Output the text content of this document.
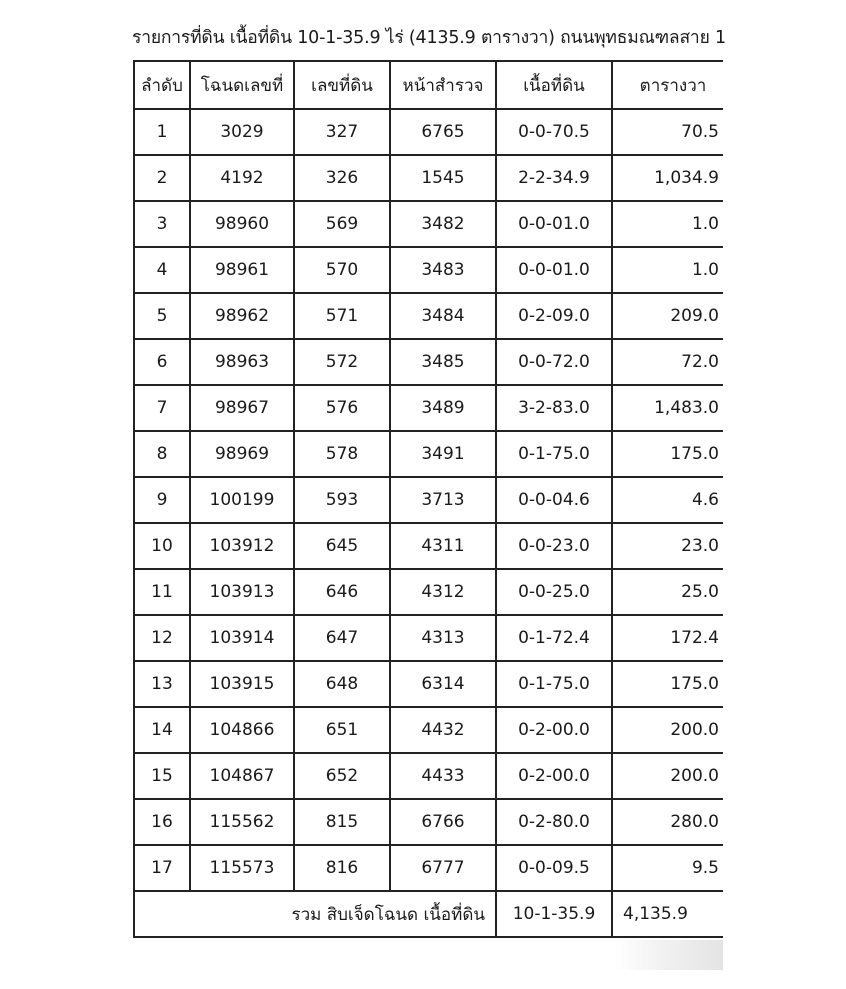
รายการที่ดิน เนื้อที่ดิน 10-1-35.9 ไร่ (4135.9 ตารางวา) ถนนพุทธมณฑลสาย 1
ลำดับ	โฉนดเลขที่	เลขที่ดิน	หน้าสำรวจ	เนื้อที่ดิน	ตารางวา
1	3029	327	6765	0-0-70.5	70.5
2	4192	326	1545	2-2-34.9	1,034.9
3	98960	569	3482	0-0-01.0	1.0
4	98961	570	3483	0-0-01.0	1.0
5	98962	571	3484	0-2-09.0	209.0
6	98963	572	3485	0-0-72.0	72.0
7	98967	576	3489	3-2-83.0	1,483.0
8	98969	578	3491	0-1-75.0	175.0
9	100199	593	3713	0-0-04.6	4.6
10	103912	645	4311	0-0-23.0	23.0
11	103913	646	4312	0-0-25.0	25.0
12	103914	647	4313	0-1-72.4	172.4
13	103915	648	6314	0-1-75.0	175.0
14	104866	651	4432	0-2-00.0	200.0
15	104867	652	4433	0-2-00.0	200.0
16	115562	815	6766	0-2-80.0	280.0
17	115573	816	6777	0-0-09.5	9.5
รวม สิบเจ็ดโฉนด เนื้อที่ดิน				10-1-35.9	4,135.9
